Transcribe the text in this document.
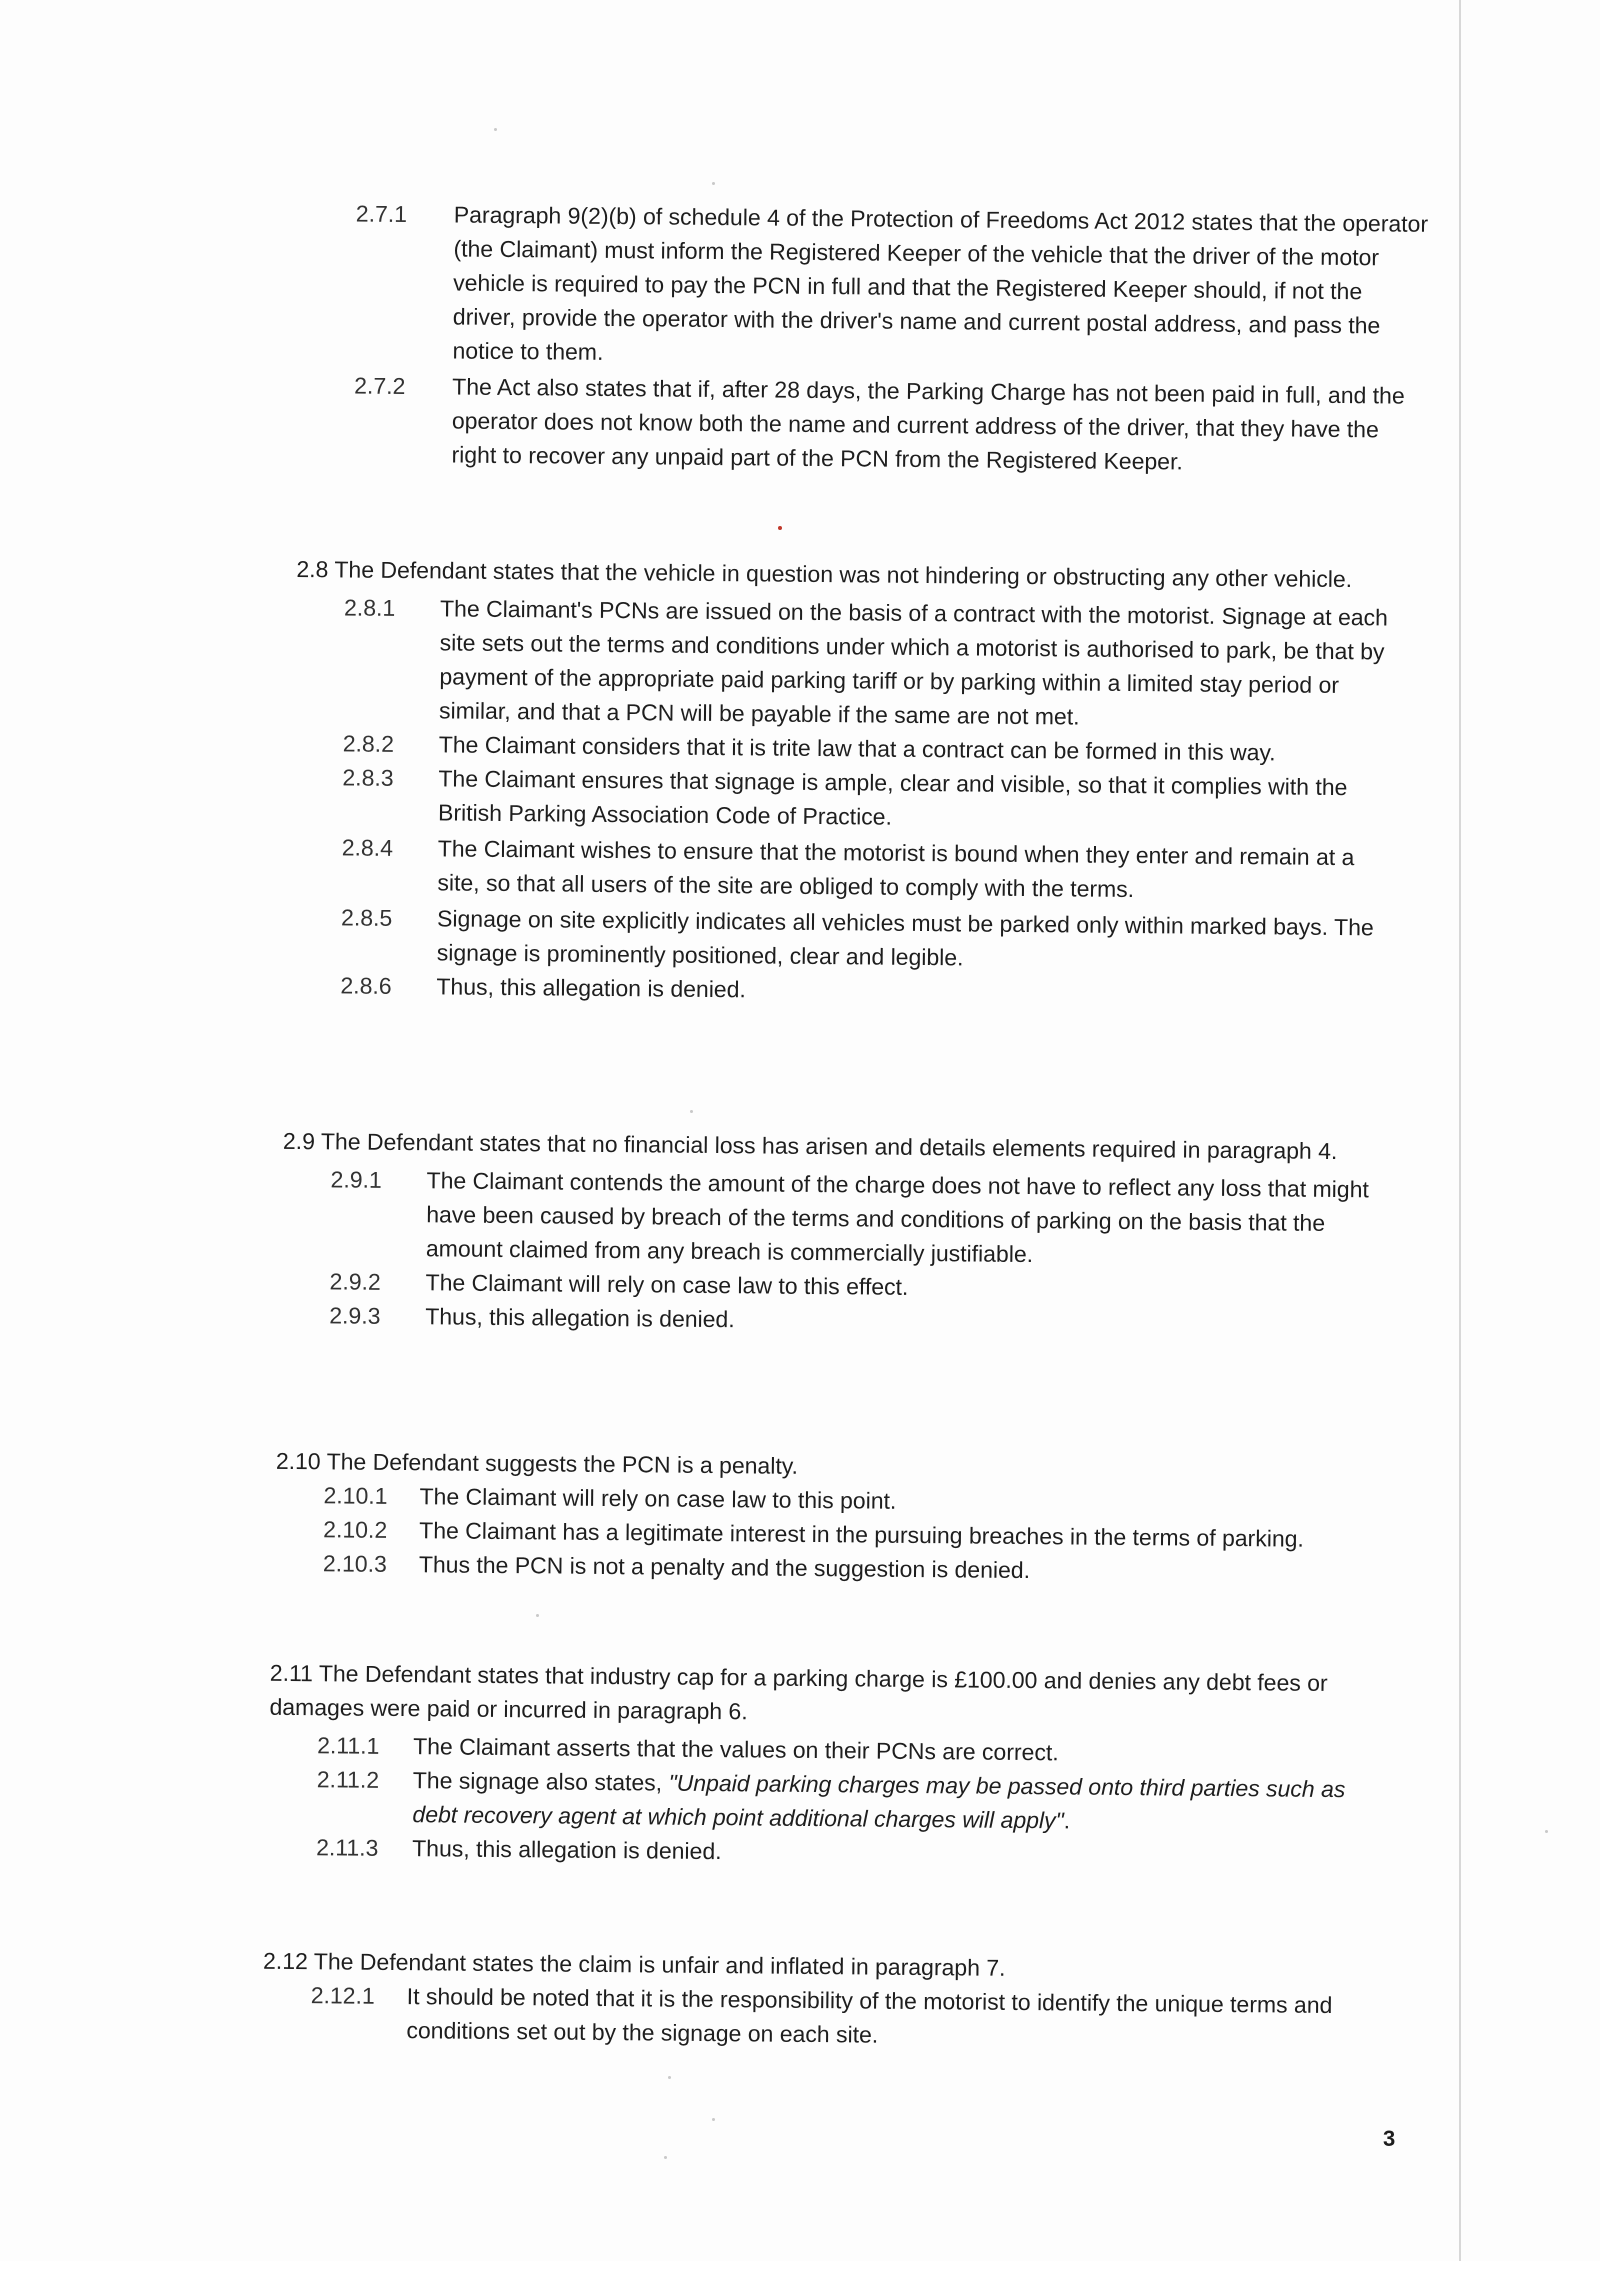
2.7.1	Paragraph 9(2)(b) of schedule 4 of the Protection of Freedoms Act 2012 states that the operator (the Claimant) must inform the Registered Keeper of the vehicle that the driver of the motor vehicle is required to pay the PCN in full and that the Registered Keeper should, if not the driver, provide the operator with the driver's name and current postal address, and pass the notice to them.
2.7.2	The Act also states that if, after 28 days, the Parking Charge has not been paid in full, and the operator does not know both the name and current address of the driver, that they have the right to recover any unpaid part of the PCN from the Registered Keeper.
2.8 The Defendant states that the vehicle in question was not hindering or obstructing any other vehicle.
2.8.1	The Claimant's PCNs are issued on the basis of a contract with the motorist. Signage at each site sets out the terms and conditions under which a motorist is authorised to park, be that by payment of the appropriate paid parking tariff or by parking within a limited stay period or similar, and that a PCN will be payable if the same are not met.
2.8.2	The Claimant considers that it is trite law that a contract can be formed in this way.
2.8.3	The Claimant ensures that signage is ample, clear and visible, so that it complies with the British Parking Association Code of Practice.
2.8.4	The Claimant wishes to ensure that the motorist is bound when they enter and remain at a site, so that all users of the site are obliged to comply with the terms.
2.8.5	Signage on site explicitly indicates all vehicles must be parked only within marked bays. The signage is prominently positioned, clear and legible.
2.8.6	Thus, this allegation is denied.
2.9 The Defendant states that no financial loss has arisen and details elements required in paragraph 4.
2.9.1	The Claimant contends the amount of the charge does not have to reflect any loss that might have been caused by breach of the terms and conditions of parking on the basis that the amount claimed from any breach is commercially justifiable.
2.9.2	The Claimant will rely on case law to this effect.
2.9.3	Thus, this allegation is denied.
2.10 The Defendant suggests the PCN is a penalty.
2.10.1	The Claimant will rely on case law to this point.
2.10.2	The Claimant has a legitimate interest in the pursuing breaches in the terms of parking.
2.10.3	Thus the PCN is not a penalty and the suggestion is denied.
2.11 The Defendant states that industry cap for a parking charge is £100.00 and denies any debt fees or damages were paid or incurred in paragraph 6.
2.11.1	The Claimant asserts that the values on their PCNs are correct.
2.11.2	The signage also states, "Unpaid parking charges may be passed onto third parties such as debt recovery agent at which point additional charges will apply".
2.11.3	Thus, this allegation is denied.
2.12 The Defendant states the claim is unfair and inflated in paragraph 7.
2.12.1	It should be noted that it is the responsibility of the motorist to identify the unique terms and conditions set out by the signage on each site.
3
